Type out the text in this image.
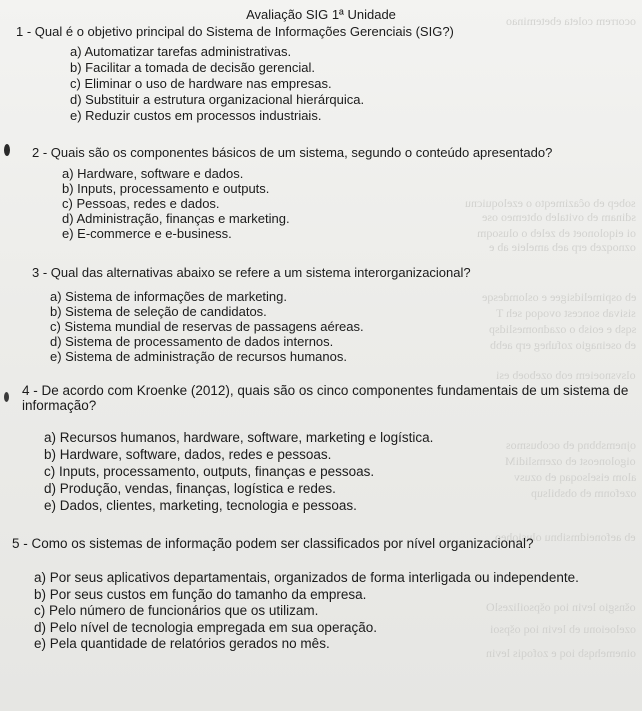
ocorrem coleta ebeteminao
sobep eb oĉazimeqto o ezeloquicnu
sdinam eb ovitaleb obtemeo ose
oi eiqolonoet eb zeleb o olusoqm
oznoqzeb erp aeb ameleie ab e
eb ospimelidsigee e oslomdesqe
sisivab soncest ovoqoq seh T
sqsb e eoisb o ozadnomeslidsp
eb oseinagio zofuheg erp aebb
olsvsnoeiem eob ozeboeb esi
ojnemsbbnq eb ocobusmos
oigoloneost eb ozemslidiM
alom eiselsoqaq eb ozusv
ozefonm eb obsbilsup
eb aefoneidmsibnu olusioheo
ošnsgio levin ioq ošpsoilizeslO
ozeloeionu eb levin ioq ošpsoi
oinemehqsb ioq e zofoqis levin
Avaliação SIG 1ª Unidade
1 - Qual é o objetivo principal do Sistema de Informações Gerenciais (SIG?)
a) Automatizar tarefas administrativas.
b) Facilitar a tomada de decisão gerencial.
c) Eliminar o uso de hardware nas empresas.
d) Substituir a estrutura organizacional hierárquica.
e) Reduzir custos em processos industriais.
2 - Quais são os componentes básicos de um sistema, segundo o conteúdo apresentado?
a) Hardware, software e dados.
b) Inputs, processamento e outputs.
c) Pessoas, redes e dados.
d) Administração, finanças e marketing.
e) E-commerce e e-business.
3 - Qual das alternativas abaixo se refere a um sistema interorganizacional?
a) Sistema de informações de marketing.
b) Sistema de seleção de candidatos.
c) Sistema mundial de reservas de passagens aéreas.
d) Sistema de processamento de dados internos.
e) Sistema de administração de recursos humanos.
4 - De acordo com Kroenke (2012), quais são os cinco componentes fundamentais de um sistema de informação?
a) Recursos humanos, hardware, software, marketing e logística.
b) Hardware, software, dados, redes e pessoas.
c) Inputs, processamento, outputs, finanças e pessoas.
d) Produção, vendas, finanças, logística e redes.
e) Dados, clientes, marketing, tecnologia e pessoas.
5 - Como os sistemas de informação podem ser classificados por nível organizacional?
a) Por seus aplicativos departamentais, organizados de forma interligada ou independente.
b) Por seus custos em função do tamanho da empresa.
c) Pelo número de funcionários que os utilizam.
d) Pelo nível de tecnologia empregada em sua operação.
e) Pela quantidade de relatórios gerados no mês.
